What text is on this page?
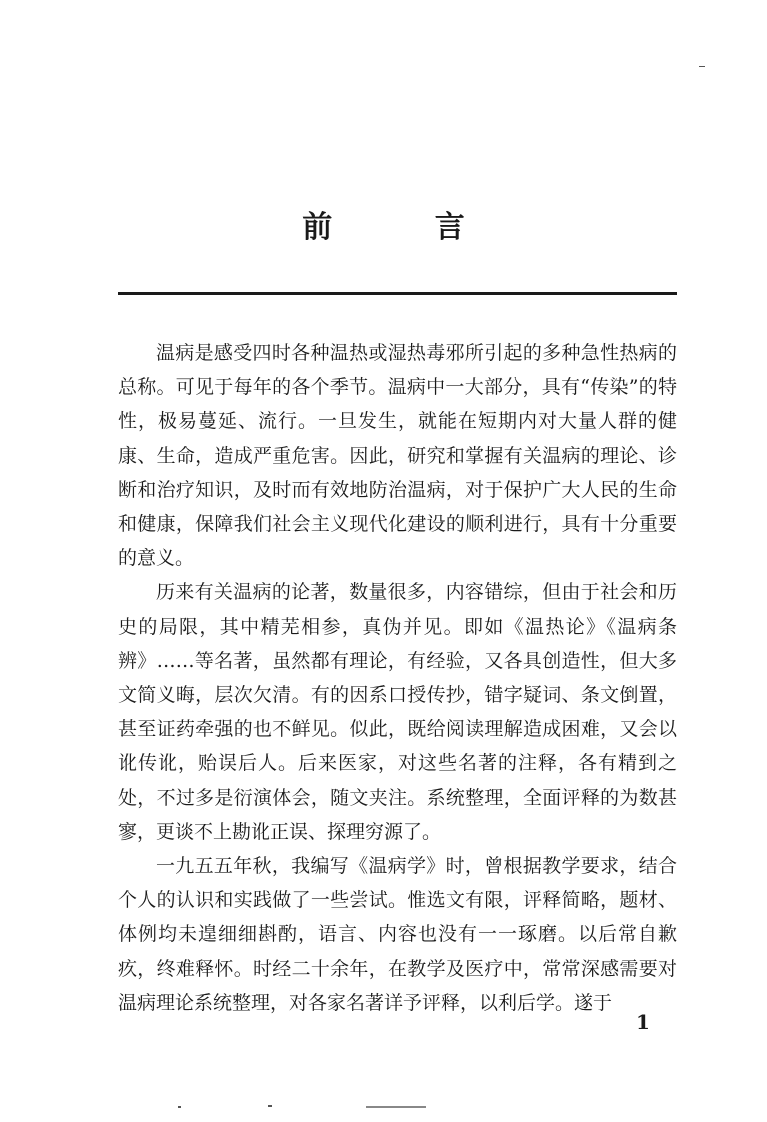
前 言

温病是感受四时各种温热或湿热毒邪所引起的多种急性热病的总称。可见于每年的各个季节。温病中一大部分，具有“传染”的特性，极易蔓延、流行。一旦发生，就能在短期内对大量人群的健康、生命，造成严重危害。因此，研究和掌握有关温病的理论、诊断和治疗知识，及时而有效地防治温病，对于保护广大人民的生命和健康，保障我们社会主义现代化建设的顺利进行，具有十分重要的意义。

历来有关温病的论著，数量很多，内容错综，但由于社会和历史的局限，其中精芜相参，真伪并见。即如《温热论》《温病条辨》……等名著，虽然都有理论，有经验，又各具创造性，但大多文简义晦，层次欠清。有的因系口授传抄，错字疑词、条文倒置，甚至证药牵强的也不鲜见。似此，既给阅读理解造成困难，又会以讹传讹，贻误后人。后来医家，对这些名著的注释，各有精到之处，不过多是衍演体会，随文夹注。系统整理，全面评释的为数甚寥，更谈不上勘讹正误、探理穷源了。

一九五五年秋，我编写《温病学》时，曾根据教学要求，结合个人的认识和实践做了一些尝试。惟选文有限，评释简略，题材、体例均未遑细细斟酌，语言、内容也没有一一琢磨。以后常自歉疚，终难释怀。时经二十余年，在教学及医疗中，常常深感需要对温病理论系统整理，对各家名著详予评释，以利后学。遂于

1
